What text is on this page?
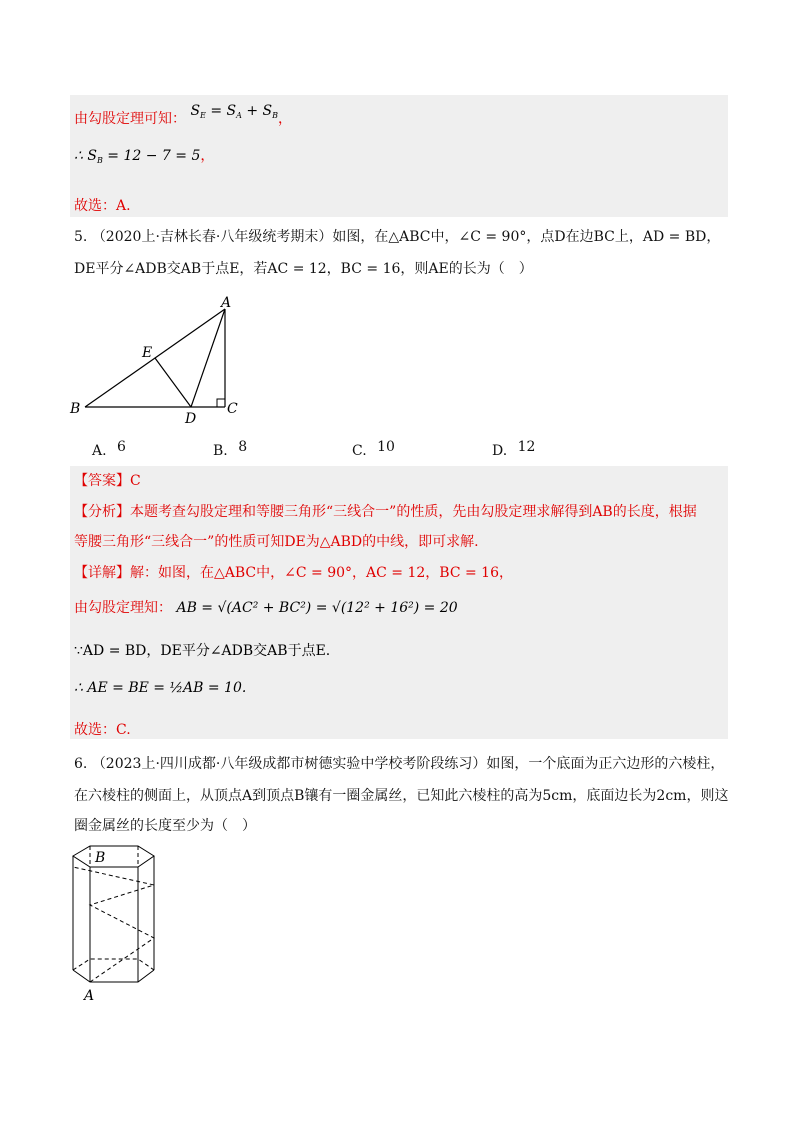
由勾股定理可知： $S_E = S_A + S_B$，
∴ $S_B = 12 - 7 = 5$，
故选：A.
5. （2020上·吉林长春·八年级统考期末）如图，在△ABC中，∠C = 90°，点D在边BC上，AD = BD，
DE平分∠ADB交AB于点E，若AC = 12，BC = 16，则AE的长为（　）
A
B	C
D
E
A. 6	B. 8	C. 10	D. 12
【答案】C
【分析】本题考查勾股定理和等腰三角形“三线合一”的性质，先由勾股定理求解得到AB的长度，根据
等腰三角形“三线合一”的性质可知DE为△ABD的中线，即可求解.
【详解】解：如图，在△ABC中，∠C = 90°，AC = 12，BC = 16，
由勾股定理知： AB = √(AC² + BC²) = √(12² + 16²) = 20
∵AD = BD，DE平分∠ADB交AB于点E.
∴ AE = BE = ½AB = 10.
故选：C.
6. （2023上·四川成都·八年级成都市树德实验中学校考阶段练习）如图，一个底面为正六边形的六棱柱，
在六棱柱的侧面上，从顶点A到顶点B镶有一圈金属丝，已知此六棱柱的高为5cm，底面边长为2cm，则这
圈金属丝的长度至少为（　）
B
A
